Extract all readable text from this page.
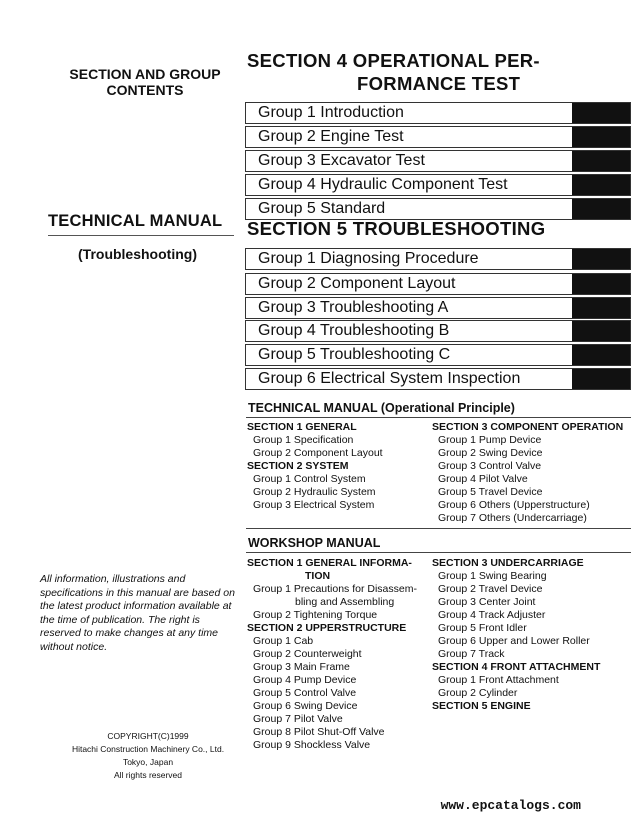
SECTION AND GROUP
CONTENTS
TECHNICAL MANUAL
(Troubleshooting)
All information, illustrations and specifications in this manual are based on the latest product information available at the time of publication. The right is reserved to make changes at any time without notice.
COPYRIGHT(C)1999
Hitachi Construction Machinery Co., Ltd.
Tokyo, Japan
All rights reserved
SECTION 4 OPERATIONAL PER-
FORMANCE TEST
Group 1 Introduction
Group 2 Engine Test
Group 3 Excavator Test
Group 4 Hydraulic Component Test
Group 5 Standard
SECTION 5 TROUBLESHOOTING
Group 1 Diagnosing Procedure
Group 2 Component Layout
Group 3 Troubleshooting A
Group 4 Troubleshooting B
Group 5 Troubleshooting C
Group 6 Electrical System Inspection
TECHNICAL MANUAL (Operational Principle)
SECTION 1 GENERAL
Group 1 Specification
Group 2 Component Layout
SECTION 2 SYSTEM
Group 1 Control System
Group 2 Hydraulic System
Group 3 Electrical System
SECTION 3 COMPONENT OPERATION
Group 1 Pump Device
Group 2 Swing Device
Group 3 Control Valve
Group 4 Pilot Valve
Group 5 Travel Device
Group 6 Others (Upperstructure)
Group 7 Others (Undercarriage)
WORKSHOP MANUAL
SECTION 1 GENERAL INFORMA-
TION
Group 1 Precautions for Disassem-
bling and Assembling
Group 2 Tightening Torque
SECTION 2 UPPERSTRUCTURE
Group 1 Cab
Group 2 Counterweight
Group 3 Main Frame
Group 4 Pump Device
Group 5 Control Valve
Group 6 Swing Device
Group 7 Pilot Valve
Group 8 Pilot Shut-Off Valve
Group 9 Shockless Valve
SECTION 3 UNDERCARRIAGE
Group 1 Swing Bearing
Group 2 Travel Device
Group 3 Center Joint
Group 4 Track Adjuster
Group 5 Front Idler
Group 6 Upper and Lower Roller
Group 7 Track
SECTION 4 FRONT ATTACHMENT
Group 1 Front Attachment
Group 2 Cylinder
SECTION 5 ENGINE
www.epcatalogs.com
